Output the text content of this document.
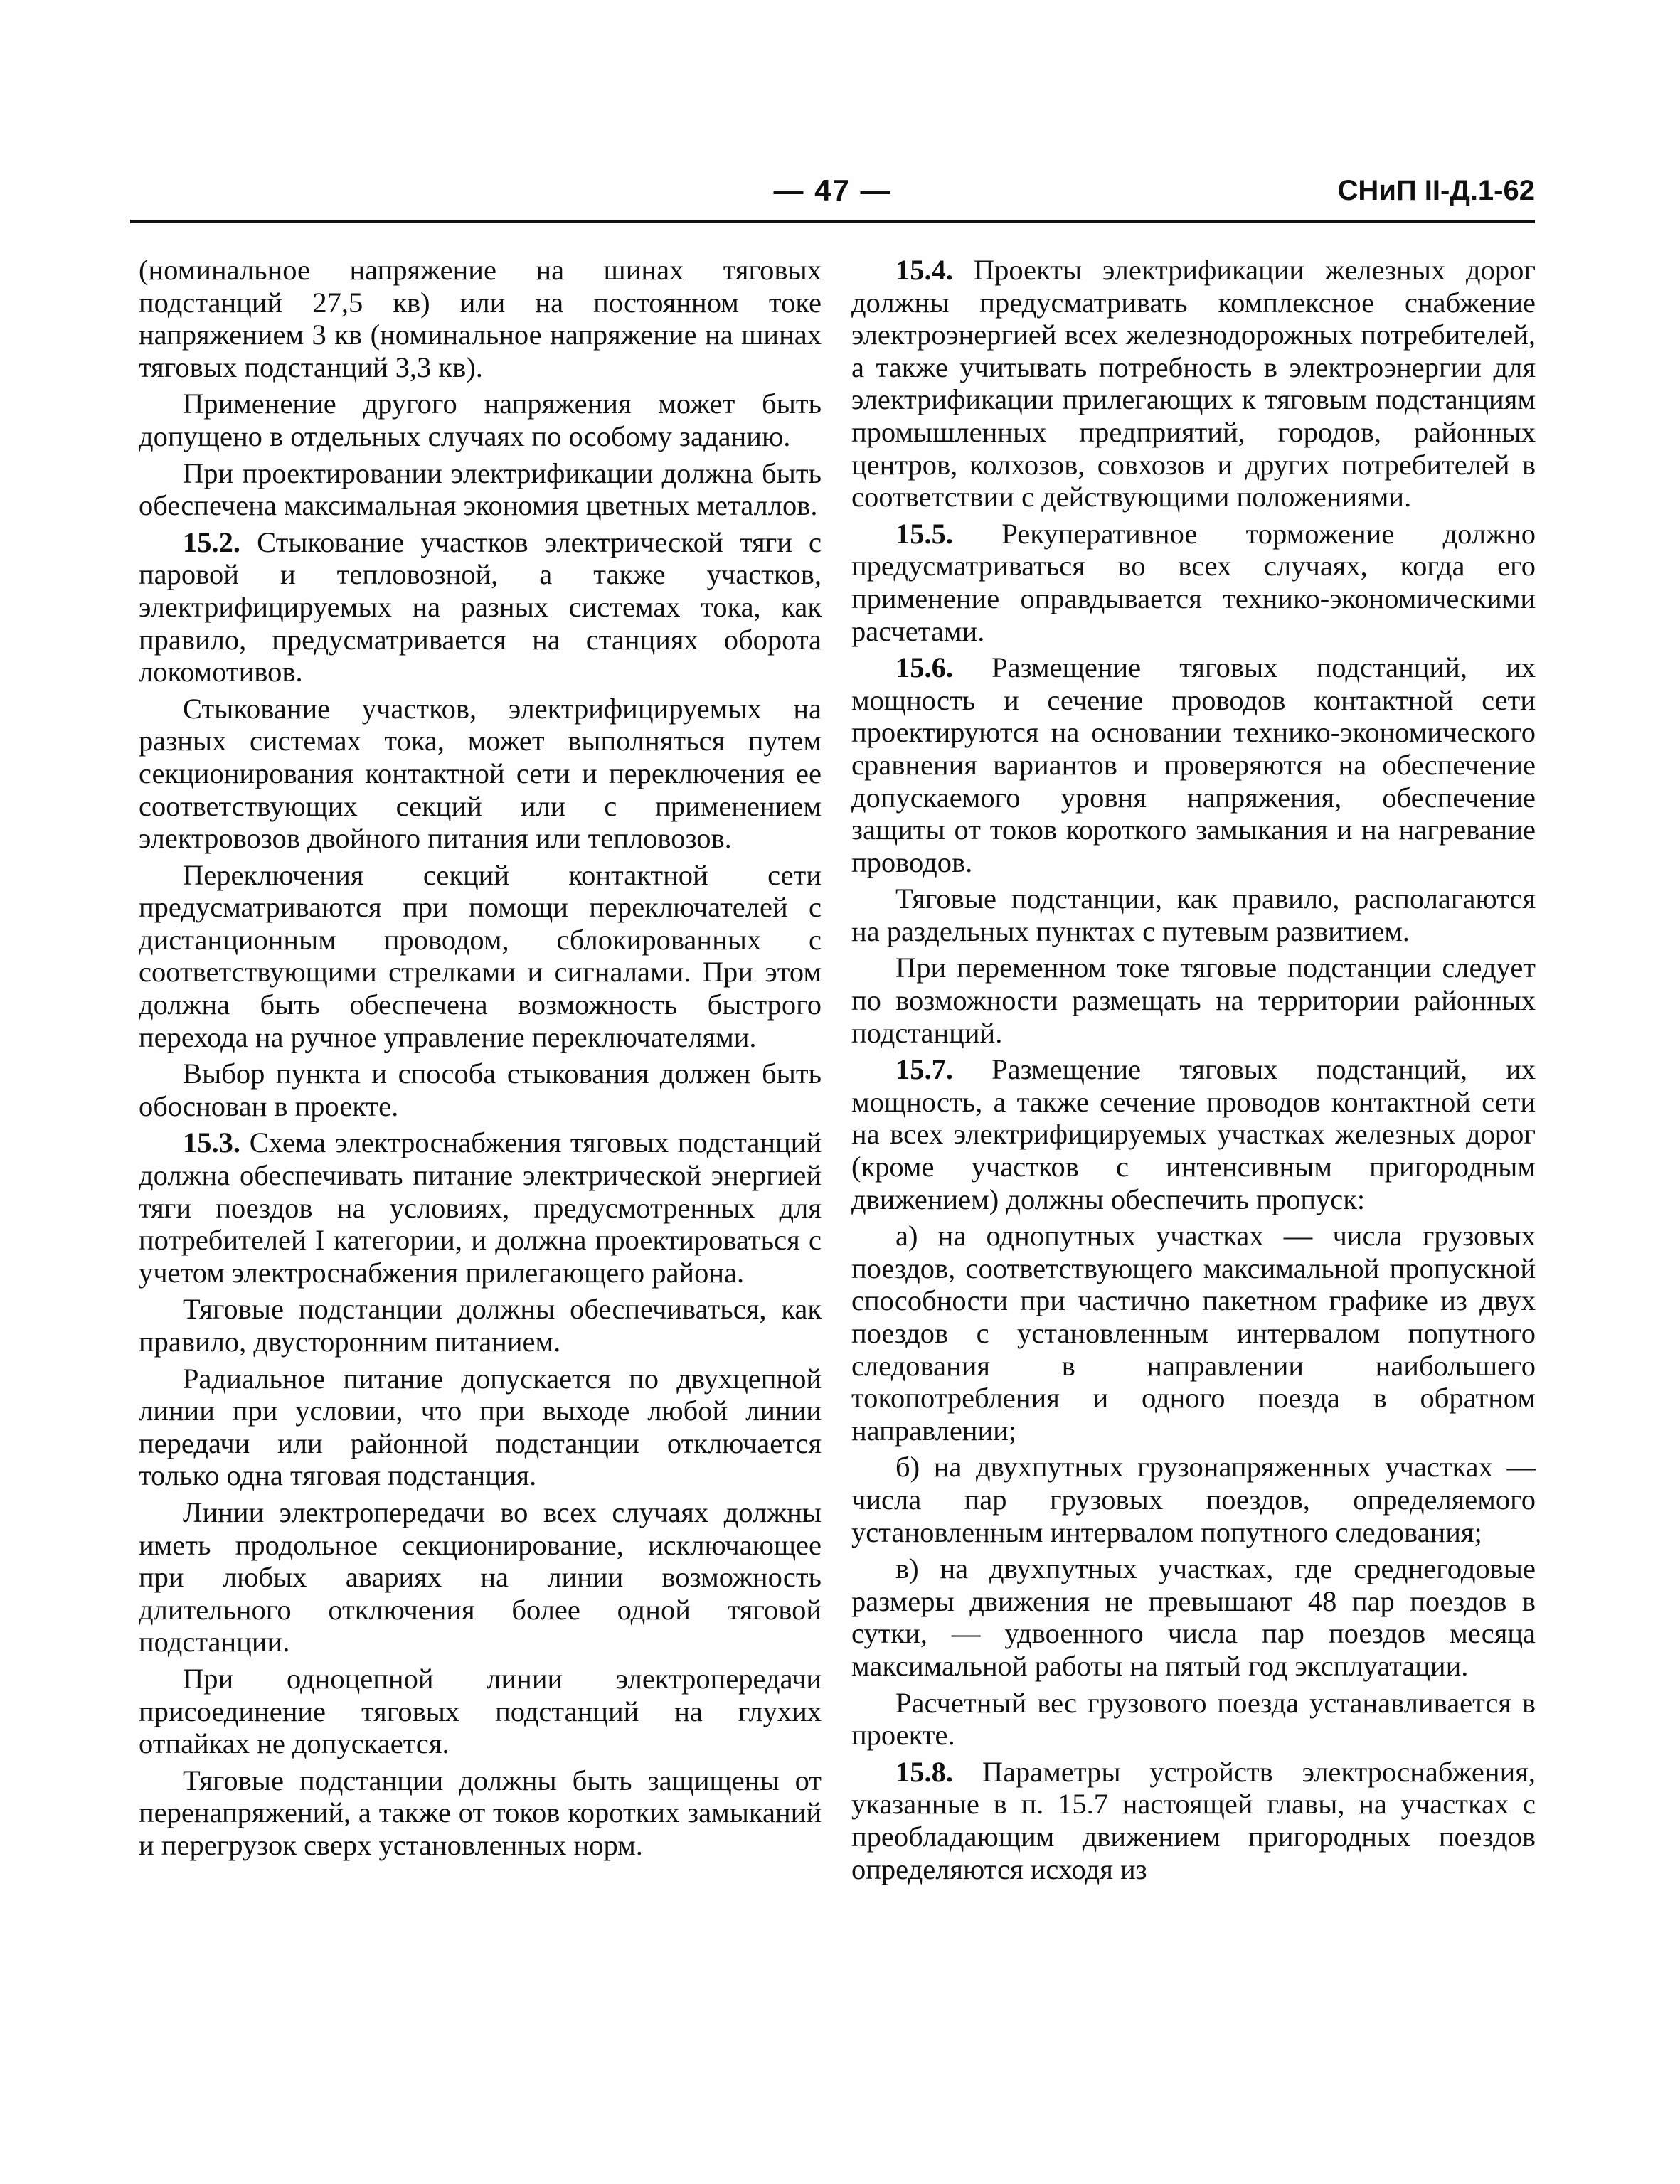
— 47 —	СНиП II-Д.1-62

(номинальное напряжение на шинах тяговых подстанций 27,5 кв) или на постоянном токе напряжением 3 кв (номинальное напряжение на шинах тяговых подстанций 3,3 кв).

Применение другого напряжения может быть допущено в отдельных случаях по особому заданию.

При проектировании электрификации должна быть обеспечена максимальная экономия цветных металлов.

15.2. Стыкование участков электрической тяги с паровой и тепловозной, а также участков, электрифицируемых на разных системах тока, как правило, предусматривается на станциях оборота локомотивов.

Стыкование участков, электрифицируемых на разных системах тока, может выполняться путем секционирования контактной сети и переключения ее соответствующих секций или с применением электровозов двойного питания или тепловозов.

Переключения секций контактной сети предусматриваются при помощи переключателей с дистанционным проводом, сблокированных с соответствующими стрелками и сигналами. При этом должна быть обеспечена возможность быстрого перехода на ручное управление переключателями.

Выбор пункта и способа стыкования должен быть обоснован в проекте.

15.3. Схема электроснабжения тяговых подстанций должна обеспечивать питание электрической энергией тяги поездов на условиях, предусмотренных для потребителей I категории, и должна проектироваться с учетом электроснабжения прилегающего района.

Тяговые подстанции должны обеспечиваться, как правило, двусторонним питанием.

Радиальное питание допускается по двухцепной линии при условии, что при выходе любой линии передачи или районной подстанции отключается только одна тяговая подстанция.

Линии электропередачи во всех случаях должны иметь продольное секционирование, исключающее при любых авариях на линии возможность длительного отключения более одной тяговой подстанции.

При одноцепной линии электропередачи присоединение тяговых подстанций на глухих отпайках не допускается.

Тяговые подстанции должны быть защищены от перенапряжений, а также от токов коротких замыканий и перегрузок сверх установленных норм.

15.4. Проекты электрификации железных дорог должны предусматривать комплексное снабжение электроэнергией всех железнодорожных потребителей, а также учитывать потребность в электроэнергии для электрификации прилегающих к тяговым подстанциям промышленных предприятий, городов, районных центров, колхозов, совхозов и других потребителей в соответствии с действующими положениями.

15.5. Рекуперативное торможение должно предусматриваться во всех случаях, когда его применение оправдывается технико-экономическими расчетами.

15.6. Размещение тяговых подстанций, их мощность и сечение проводов контактной сети проектируются на основании технико-экономического сравнения вариантов и проверяются на обеспечение допускаемого уровня напряжения, обеспечение защиты от токов короткого замыкания и на нагревание проводов.

Тяговые подстанции, как правило, располагаются на раздельных пунктах с путевым развитием.

При переменном токе тяговые подстанции следует по возможности размещать на территории районных подстанций.

15.7. Размещение тяговых подстанций, их мощность, а также сечение проводов контактной сети на всех электрифицируемых участках железных дорог (кроме участков с интенсивным пригородным движением) должны обеспечить пропуск:

а) на однопутных участках — числа грузовых поездов, соответствующего максимальной пропускной способности при частично пакетном графике из двух поездов с установленным интервалом попутного следования в направлении наибольшего токопотребления и одного поезда в обратном направлении;

б) на двухпутных грузонапряженных участках — числа пар грузовых поездов, определяемого установленным интервалом попутного следования;

в) на двухпутных участках, где среднегодовые размеры движения не превышают 48 пар поездов в сутки, — удвоенного числа пар поездов месяца максимальной работы на пятый год эксплуатации.

Расчетный вес грузового поезда устанавливается в проекте.

15.8. Параметры устройств электроснабжения, указанные в п. 15.7 настоящей главы, на участках с преобладающим движением пригородных поездов определяются исходя из
